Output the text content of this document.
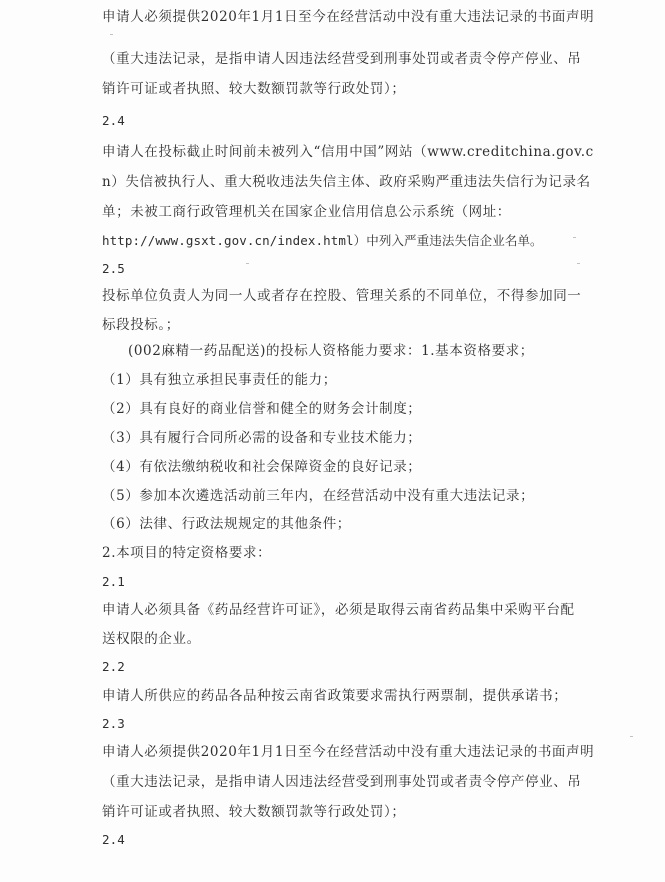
申请人必须提供2020年1月1日至今在经营活动中没有重大违法记录的书面声明
（重大违法记录，是指申请人因违法经营受到刑事处罚或者责令停产停业、吊
销许可证或者执照、较大数额罚款等行政处罚）；
2.4
申请人在投标截止时间前未被列入“信用中国”网站（www.creditchina.gov.c
n）失信被执行人、重大税收违法失信主体、政府采购严重违法失信行为记录名
单；未被工商行政管理机关在国家企业信用信息公示系统（网址：
http://www.gsxt.gov.cn/index.html）中列入严重违法失信企业名单。
2.5
投标单位负责人为同一人或者存在控股、管理关系的不同单位，不得参加同一
标段投标。；
(002麻精一药品配送)的投标人资格能力要求：1.基本资格要求；
（1）具有独立承担民事责任的能力；
（2）具有良好的商业信誉和健全的财务会计制度；
（3）具有履行合同所必需的设备和专业技术能力；
（4）有依法缴纳税收和社会保障资金的良好记录；
（5）参加本次遴选活动前三年内，在经营活动中没有重大违法记录；
（6）法律、行政法规规定的其他条件；
2.本项目的特定资格要求：
2.1
申请人必须具备《药品经营许可证》，必须是取得云南省药品集中采购平台配
送权限的企业。
2.2
申请人所供应的药品各品种按云南省政策要求需执行两票制，提供承诺书；
2.3
申请人必须提供2020年1月1日至今在经营活动中没有重大违法记录的书面声明
（重大违法记录，是指申请人因违法经营受到刑事处罚或者责令停产停业、吊
销许可证或者执照、较大数额罚款等行政处罚）；
2.4
